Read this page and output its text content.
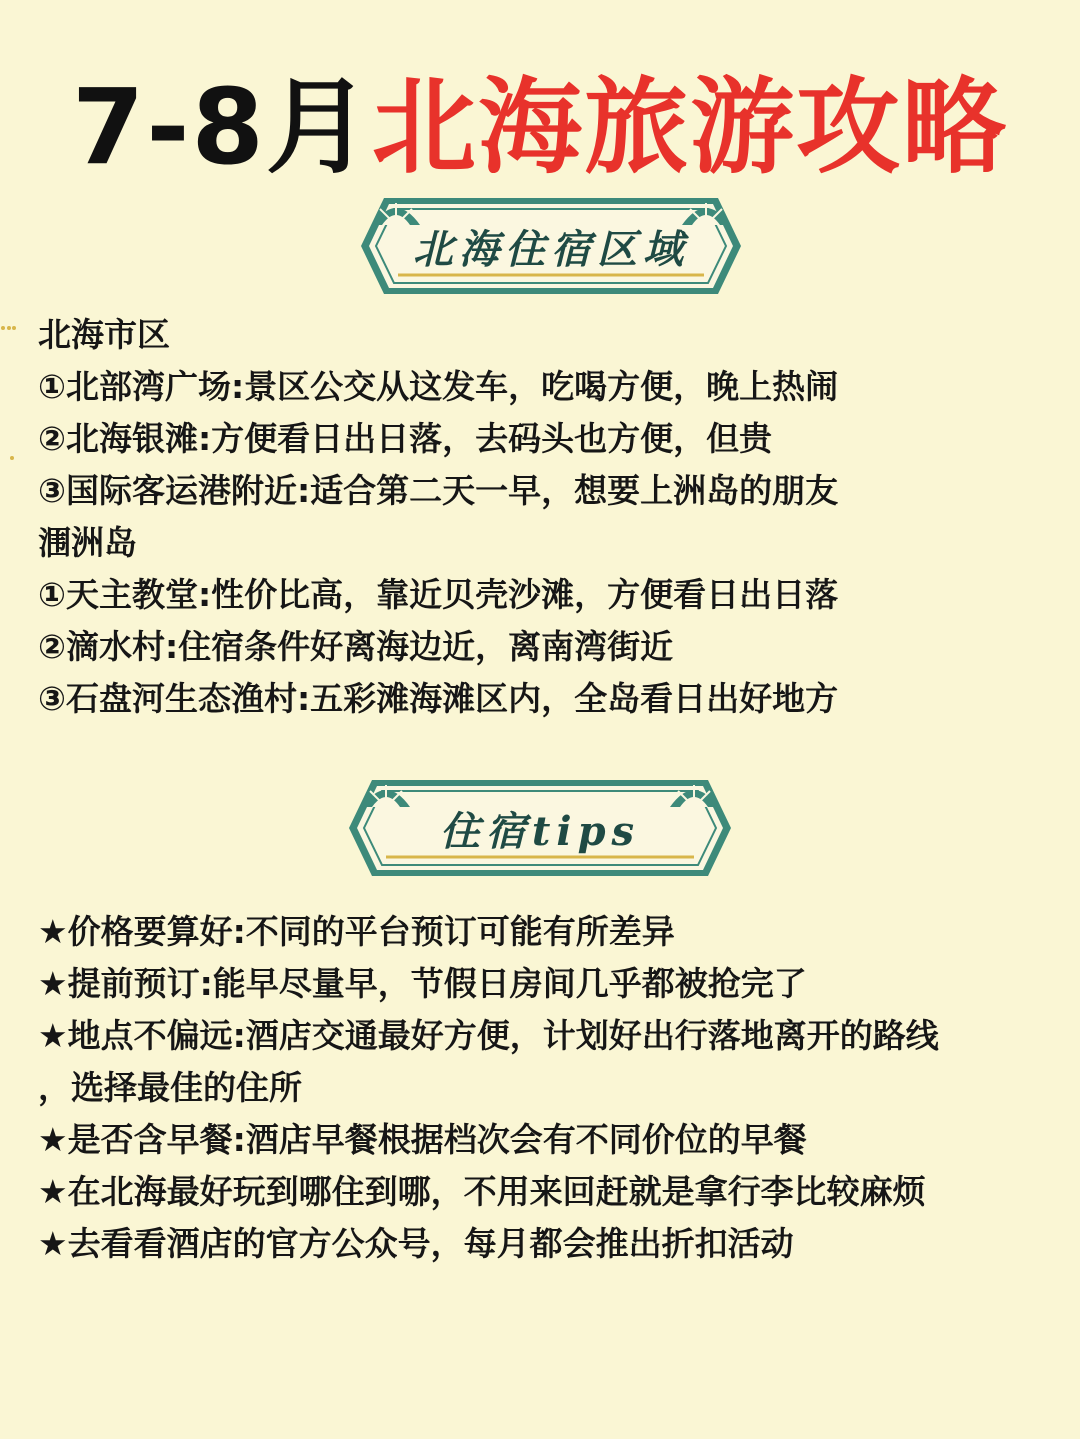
7-8月北海旅游攻略
北海住宿区域
北海市区
①北部湾广场:景区公交从这发车，吃喝方便，晚上热闹
②北海银滩:方便看日出日落，去码头也方便，但贵
③国际客运港附近:适合第二天一早，想要上洲岛的朋友
涠洲岛
①天主教堂:性价比高，靠近贝壳沙滩，方便看日出日落
②滴水村:住宿条件好离海边近，离南湾街近
③石盘河生态渔村:五彩滩海滩区内，全岛看日出好地方
住宿tips
★价格要算好:不同的平台预订可能有所差异
★提前预订:能早尽量早，节假日房间几乎都被抢完了
★地点不偏远:酒店交通最好方便，计划好出行落地离开的路线
，选择最佳的住所
★是否含早餐:酒店早餐根据档次会有不同价位的早餐
★在北海最好玩到哪住到哪，不用来回赶就是拿行李比较麻烦
★去看看酒店的官方公众号，每月都会推出折扣活动
